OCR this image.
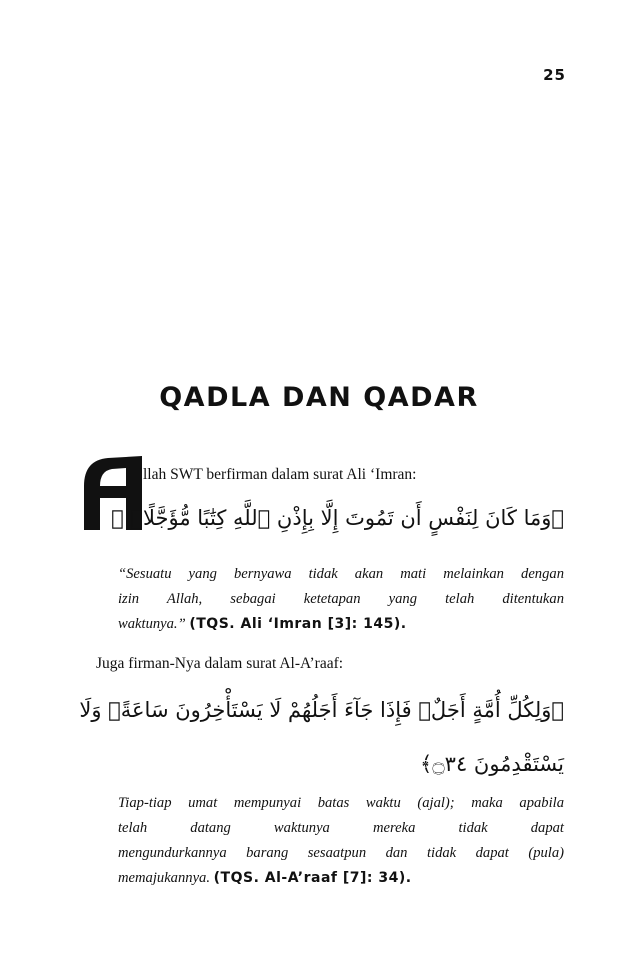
25
QADLA DAN QADAR
llah SWT berfirman dalam surat Ali ‘Imran:
﴿وَمَا كَانَ لِنَفْسٍ أَن تَمُوتَ إِلَّا بِإِذْنِ ٱللَّهِ كِتَٰبًا مُّؤَجَّلًاۗ ﴾
“Sesuatu yang bernyawa tidak akan mati melainkan dengan
izin Allah, sebagai ketetapan yang telah ditentukan
waktunya.” (TQS. Ali ‘Imran [3]: 145).
Juga firman-Nya dalam surat Al-A’raaf:
﴿وَلِكُلِّ أُمَّةٍ أَجَلٌۖ فَإِذَا جَآءَ أَجَلُهُمْ لَا يَسْتَأْخِرُونَ سَاعَةًۖ وَلَا
يَسْتَقْدِمُونَ ۝٣٤﴾
Tiap-tiap umat mempunyai batas waktu (ajal); maka apabila
telah datang waktunya mereka tidak dapat
mengundurkannya barang sesaatpun dan tidak dapat (pula)
memajukannya. (TQS. Al-A’raaf [7]: 34).
